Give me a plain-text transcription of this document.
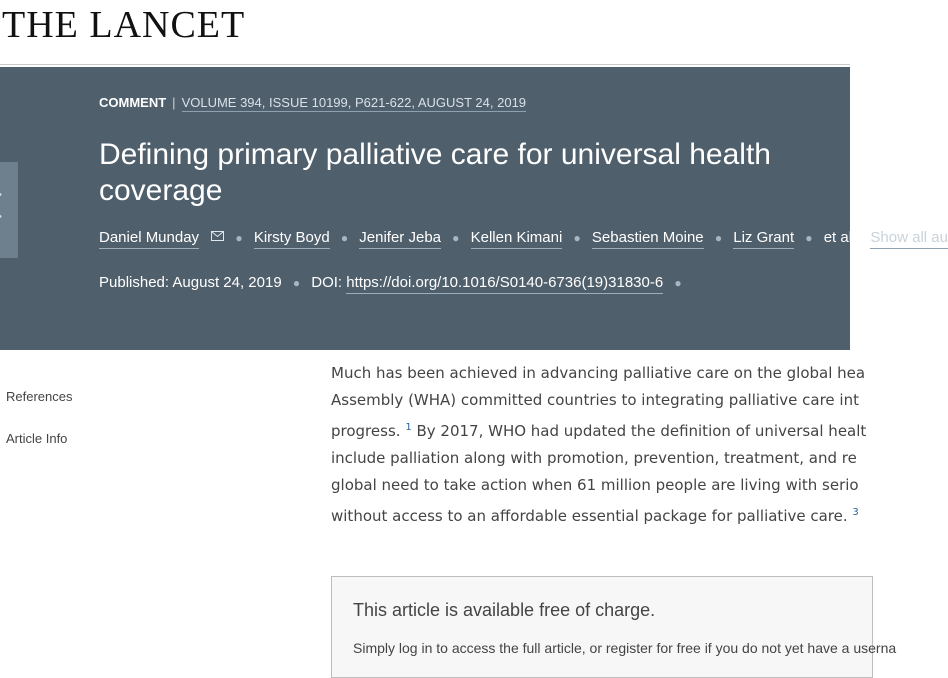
THE LANCET
COMMENT | VOLUME 394, ISSUE 10199, P621-622, AUGUST 24, 2019
Defining primary palliative care for universal health coverage
Daniel Munday	● Kirsty Boyd ● Jenifer Jeba ● Kellen Kimani ● Sebastien Moine ● Liz Grant ● et al. Show all au
Published: August 24, 2019 ● DOI: https://doi.org/10.1016/S0140-6736(19)31830-6 ●
References
Article Info
Much has been achieved in advancing palliative care on the global hea
Assembly (WHA) committed countries to integrating palliative care int
progress. $^1$ By 2017, WHO had updated the definition of universal healt
include palliation along with promotion, prevention, treatment, and re
global need to take action when 61 million people are living with serio
without access to an affordable essential package for palliative care. $^3$
This article is available free of charge.
Simply log in to access the full article, or register for free if you do not yet have a userna
